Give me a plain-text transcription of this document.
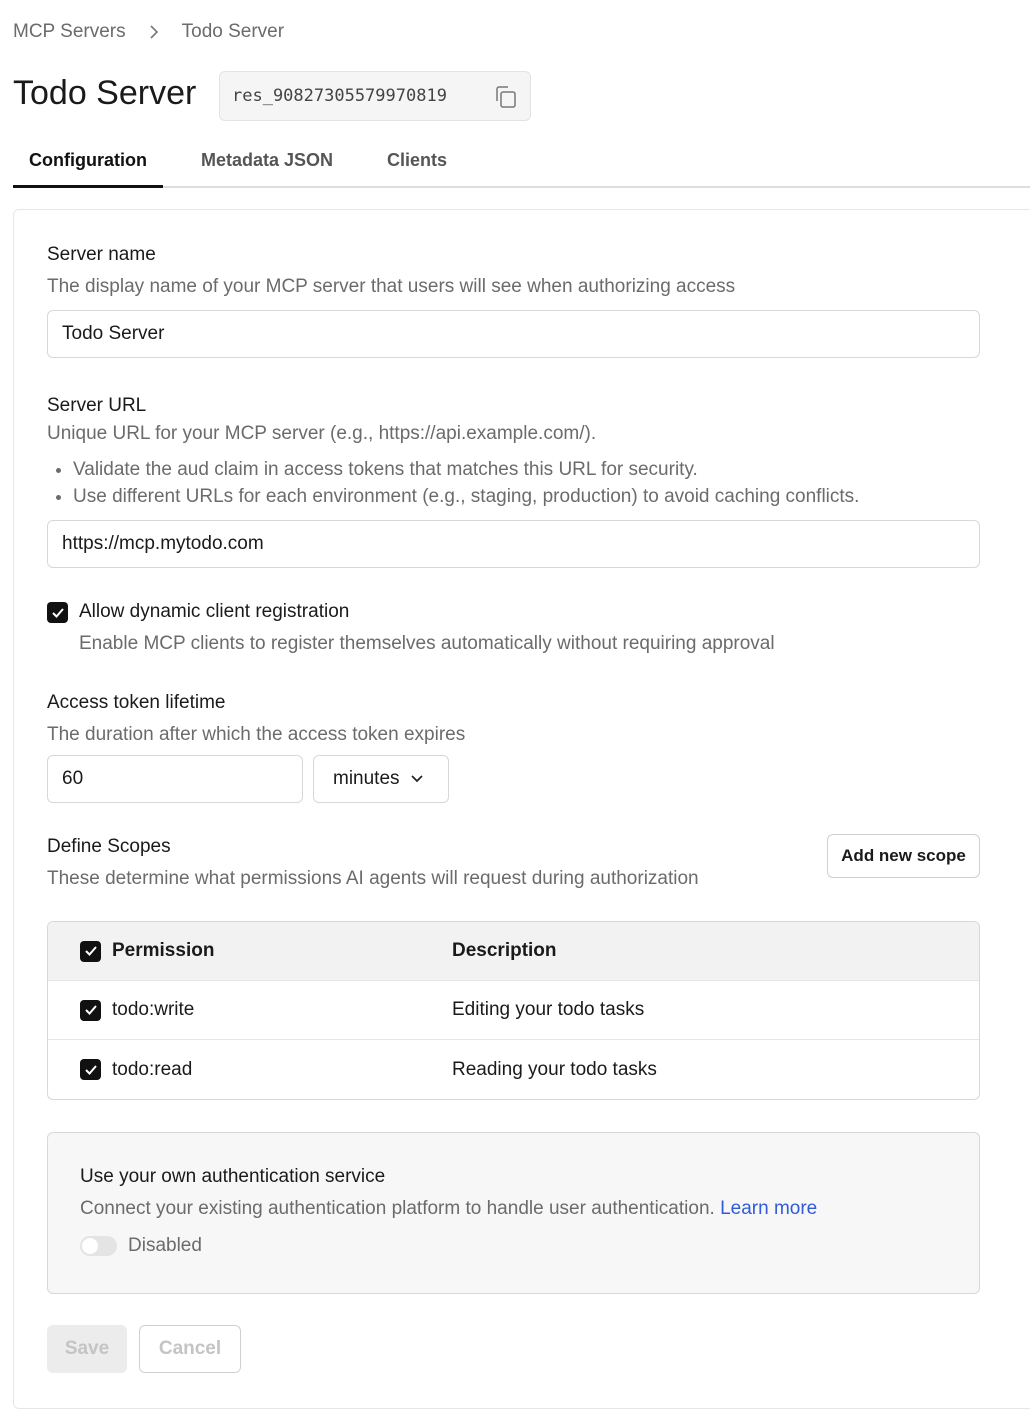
MCP Servers	Todo Server
Todo Server res_90827305579970819
Configuration	Metadata JSON	Clients
Server name
The display name of your MCP server that users will see when authorizing access
Todo Server
Server URL
Unique URL for your MCP server (e.g., https://api.example.com/).
• Validate the aud claim in access tokens that matches this URL for security.
• Use different URLs for each environment (e.g., staging, production) to avoid caching conflicts.
https://mcp.mytodo.com
Allow dynamic client registration
Enable MCP clients to register themselves automatically without requiring approval
Access token lifetime
The duration after which the access token expires
60	minutes
Define Scopes
These determine what permissions AI agents will request during authorization
Add new scope
Permission	Description
todo:write	Editing your todo tasks
todo:read	Reading your todo tasks
Use your own authentication service
Connect your existing authentication platform to handle user authentication. Learn more
Disabled
Save	Cancel
